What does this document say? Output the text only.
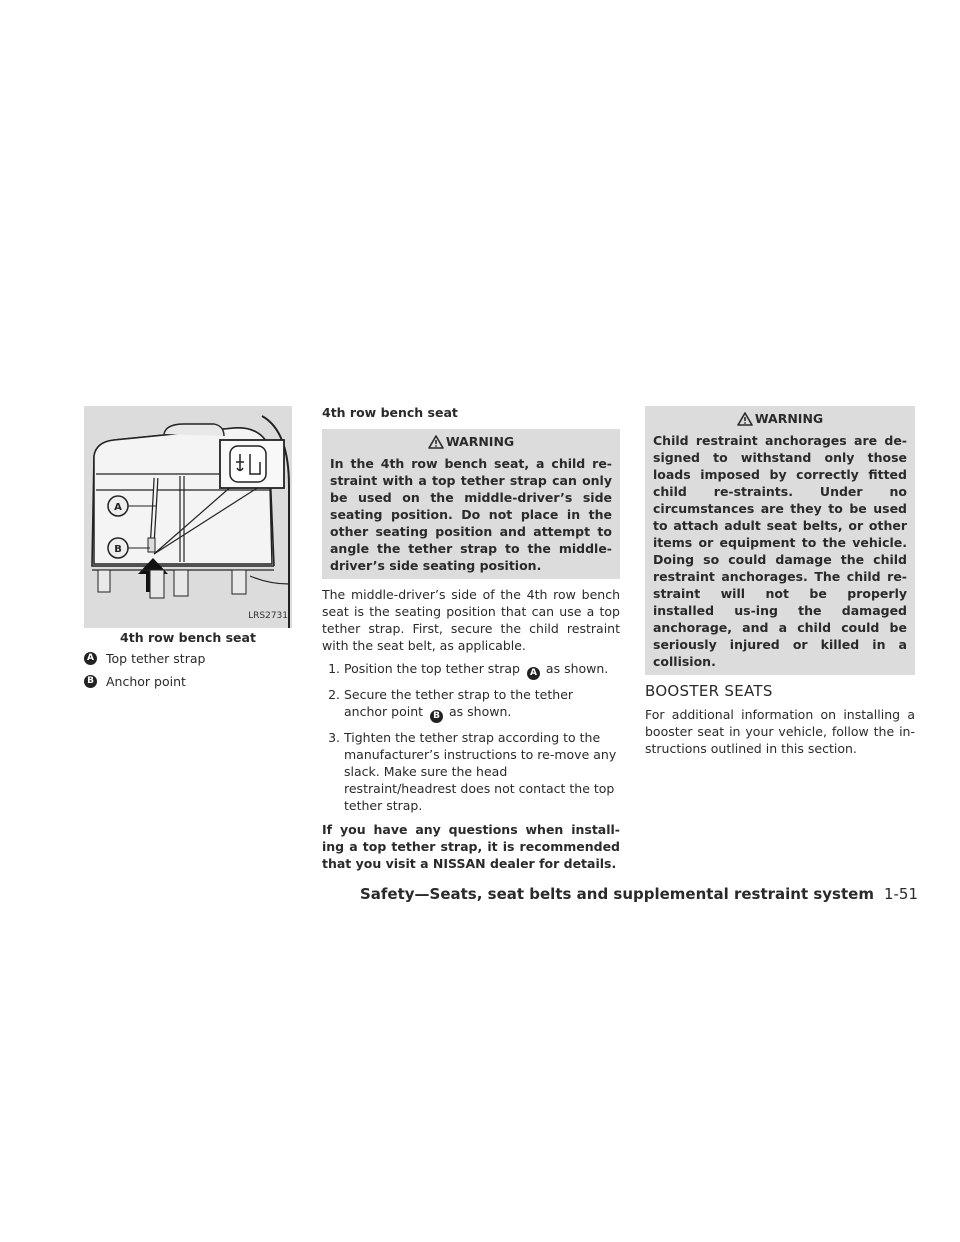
A
B
LRS2731
4th row bench seat
A Top tether strap
B Anchor point
4th row bench seat
WARNING

In the 4th row bench seat, a child re-straint with a top tether strap can only be used on the middle-driver’s side seating position. Do not place in the other seating position and attempt to angle the tether strap to the middle-driver’s side seating position.

The middle-driver’s side of the 4th row bench seat is the seating position that can use a top tether strap. First, secure the child restraint with the seat belt, as applicable.

1. Position the top tether strap A as shown.
2. Secure the tether strap to the tether anchor point B as shown.
3. Tighten the tether strap according to the manufacturer’s instructions to re-move any slack. Make sure the head restraint/headrest does not contact the top tether strap.

If you have any questions when install-ing a top tether strap, it is recommended that you visit a NISSAN dealer for details.

WARNING

Child restraint anchorages are de-signed to withstand only those loads imposed by correctly fitted child re-straints. Under no circumstances are they to be used to attach adult seat belts, or other items or equipment to the vehicle. Doing so could damage the child restraint anchorages. The child re-straint will not be properly installed us-ing the damaged anchorage, and a child could be seriously injured or killed in a collision.

BOOSTER SEATS

For additional information on installing a booster seat in your vehicle, follow the in-structions outlined in this section.

Safety—Seats, seat belts and supplemental restraint system 1-51
